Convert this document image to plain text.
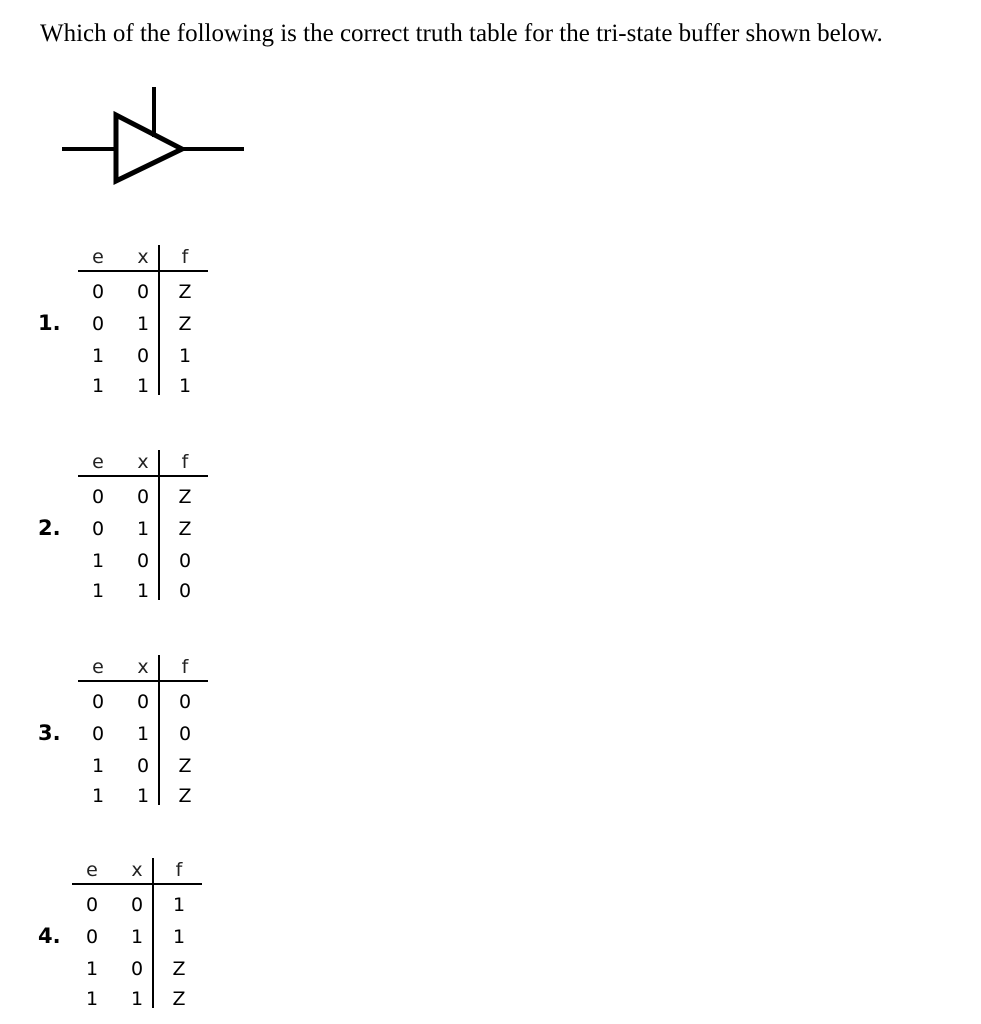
Which of the following is the correct truth table for the tri-state buffer shown below.
e	x	f
0	0	Z
0	1	Z
1	0	1
1	1	1
1.
e	x	f
0	0	Z
0	1	Z
1	0	0
1	1	0
2.
e	x	f
0	0	0
0	1	0
1	0	Z
1	1	Z
3.
e	x	f
0	0	1
0	1	1
1	0	Z
1	1	Z
4.
